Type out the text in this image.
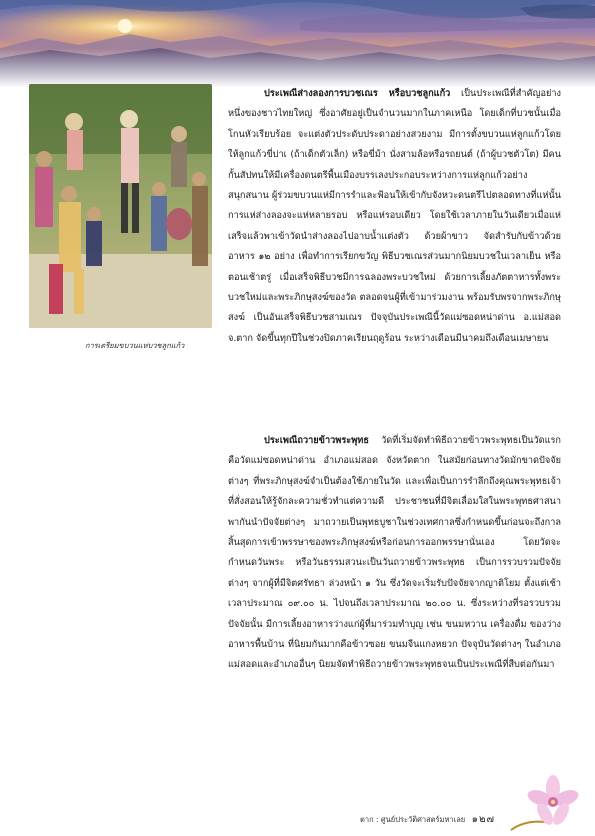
การเตรียมขบวนแห่บวชลูกแก้ว

ประเพณีส่างลองการบวชเณร หรือบวชลูกแก้ว เป็นประเพณีที่สำคัญอย่างหนึ่งของชาวไทยใหญ่ ซึ่งอาศัยอยู่เป็นจำนวนมากในภาคเหนือ โดยเด็กที่บวชนั้นเมื่อโกนหัวเรียบร้อย จะแต่งตัวประดับประดาอย่างสวยงาม มีการตั้งขบวนแห่ลูกแก้วโดยให้ลูกแก้วขี่บ่าเ (ถ้าเด็กตัวเล็ก) หรือขี่ม้า นั่งสามล้อหรือรถยนต์ (ถ้าผู้บวชตัวโต) มีคนกั้นสัปทนให้มีเครื่องดนตรีพื้นเมืองบรรเลงประกอบระหว่างการแห่ลูกแก้วอย่างสนุกสนาน ผู้ร่วมขบวนแห่มีการรำและฟ้อนให้เข้ากับจังหวะดนตรีไปตลอดทางที่แห่นั้น การแห่ส่างลองจะแห่หลายรอบ หรือแห่รอบเดียว โดยใช้เวลาภายในวันเดียวเมื่อแห่เสร็จแล้วพาเข้าวัดนำส่างลองไปอาบน้ำแต่งตัว ด้วยผ้าขาว จัดสำรับกับข้าวด้วยอาหาร ๑๒ อย่าง เพื่อทำการเรียกขวัญ พิธีบวชเณรส่วนมากนิยมบวชในเวลาเย็น หรือตอนเช้าตรู่ เมื่อเสร็จพิธีบวชมีการฉลองพระบวชใหม่ ด้วยการเลี้ยงภัตตาหารทั้งพระบวชใหม่และพระภิกษุสงฆ์ของวัด ตลอดจนผู้ที่เข้ามาร่วมงาน พร้อมรับพรจากพระภิกษุสงฆ์ เป็นอันเสร็จพิธีบวชสามเณร ปัจจุบันประเพณีนี้วัดแม่ซอดหน่าด่าน อ.แม่สอด จ.ตาก จัดขึ้นทุกปีในช่วงปิดภาคเรียนฤดูร้อน ระหว่างเดือนมีนาคมถึงเดือนเมษายน

ประเพณีถวายข้าวพระพุทธ วัดที่เริ่มจัดทำพิธีถวายข้าวพระพุทธเป็นวัดแรก คือวัดแม่ซอดหน่าด่าน อำเภอแม่สอด จังหวัดตาก ในสมัยก่อนทางวัดมักขาดปัจจัยต่างๆ ที่พระภิกษุสงฆ์จำเป็นต้องใช้ภายในวัด และเพื่อเป็นการรำลึกถึงคุณพระพุทธเจ้าที่สั่งสอนให้รู้จักละความชั่วทำแต่ความดี ประชาชนที่มีจิตเลื่อมใสในพระพุทธศาสนา พากันนำปัจจัยต่างๆ มาถวายเป็นพุทธบูชาในช่วงเทศกาลซึ่งกำหนดขึ้นก่อนจะถึงกาลสิ้นสุดการเข้าพรรษาของพระภิกษุสงฆ์หรือก่อนการออกพรรษานั่นเอง โดยวัดจะกำหนดวันพระ หรือวันธรรมสวนะเป็นวันถวายข้าวพระพุทธ เป็นการรวบรวมปัจจัยต่างๆ จากผู้ที่มีจิตศรัทธา ล่วงหน้า ๑ วัน ซึ่งวัดจะเริ่มรับปัจจัยจากญาติโยม ตั้งแต่เช้าเวลาประมาณ ๐๙.๐๐ น. ไปจนถึงเวลาประมาณ ๒๐.๐๐ น. ซึ่งระหว่างที่รอรวบรวมปัจจัยนั้น มีการเลี้ยงอาหารว่างแก่ผู้ที่มาร่วมทำบุญ เช่น ขนมหวาน เครื่องดื่ม ของว่างอาหารพื้นบ้าน ที่นิยมกันมากคือข้าวซอย ขนมจีนแกงหยวก ปัจจุบันวัดต่างๆ ในอำเภอแม่สอดและอำเภออื่นๆ นิยมจัดทำพิธีถวายข้าวพระพุทธจนเป็นประเพณีที่สืบต่อกันมา

ตาก : ศูนย์ประวัติศาสตร์มหาเลย ๑๒๗
